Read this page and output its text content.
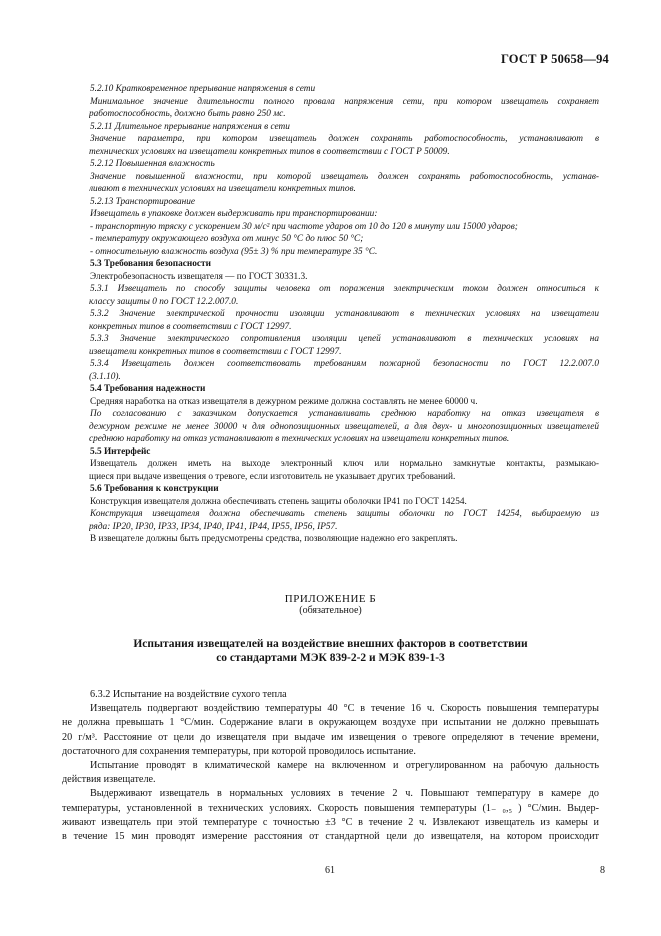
ГОСТ Р 50658—94
5.2.10 Кратковременное прерывание напряжения в сети
Минимальное значение длительности полного провала напряжения сети, при котором извещатель сохраняет
работоспособность, должно быть равно 250 мс.
5.2.11 Длительное прерывание напряжения в сети
Значение параметра, при котором извещатель должен сохранять работоспособность, устанавливают в
технических условиях на извещатели конкретных типов в соответствии с ГОСТ Р 50009.
5.2.12 Повышенная влажность
Значение повышенной влажности, при которой извещатель должен сохранять работоспособность, устанав-
ливают в технических условиях на извещатели конкретных типов.
5.2.13 Транспортирование
Извещатель в упаковке должен выдерживать при транспортировании:
- транспортную тряску с ускорением 30 м/с² при частоте ударов от 10 до 120 в минуту или 15000 ударов;
- температуру окружающего воздуха от минус 50 °С до плюс 50 °С;
- относительную влажность воздуха (95± 3) % при температуре 35 °С.
5.3 Требования безопасности
Электробезопасность извещателя — по ГОСТ 30331.3.
5.3.1 Извещатель по способу защиты человека от поражения электрическим током должен относиться к
классу защиты 0 по ГОСТ 12.2.007.0.
5.3.2 Значение электрической прочности изоляции устанавливают в технических условиях на извещатели
конкретных типов в соответствии с ГОСТ 12997.
5.3.3 Значение электрического сопротивления изоляции цепей устанавливают в технических условиях на
извещатели конкретных типов в соответствии с ГОСТ 12997.
5.3.4 Извещатель должен соответствовать требованиям пожарной безопасности по ГОСТ 12.2.007.0
(3.1.10).
5.4 Требования надежности
Средняя наработка на отказ извещателя в дежурном режиме должна составлять не менее 60000 ч.
По согласованию с заказчиком допускается устанавливать среднюю наработку на отказ извещателя в
дежурном режиме не менее 30000 ч для однопозиционных извещателей, а для двух- и многопозиционных извещателей
среднюю наработку на отказ устанавливают в технических условиях на извещатели конкретных типов.
5.5 Интерфейс
Извещатель должен иметь на выходе электронный ключ или нормально замкнутые контакты, размыкаю-
щиеся при выдаче извещения о тревоге, если изготовитель не указывает других требований.
5.6 Требования к конструкции
Конструкция извещателя должна обеспечивать степень защиты оболочки IP41 по ГОСТ 14254.
Конструкция извещателя должна обеспечивать степень защиты оболочки по ГОСТ 14254, выбираемую из
ряда: IP20, IP30, IP33, IP34, IP40, IP41, IP44, IP55, IP56, IP57.
В извещателе должны быть предусмотрены средства, позволяющие надежно его закреплять.
ПРИЛОЖЕНИЕ Б
(обязательное)
Испытания извещателей на воздействие внешних факторов в соответствии
со стандартами МЭК 839-2-2 и МЭК 839-1-3
6.3.2 Испытание на воздействие сухого тепла
Извещатель подвергают воздействию температуры 40 °С в течение 16 ч. Скорость повышения температуры
не должна превышать 1 °С/мин. Содержание влаги в окружающем воздухе при испытании не должно превышать
20 г/м³. Расстояние от цели до извещателя при выдаче им извещения о тревоге определяют в течение времени,
достаточного для сохранения температуры, при которой проводилось испытание.
Испытание проводят в климатической камере на включенном и отрегулированном на рабочую дальность
действия извещателе.
Выдерживают извещатель в нормальных условиях в течение 2 ч. Повышают температуру в камере до
температуры, установленной в технических условиях. Скорость повышения температуры (1₋ ₀,₅ ) °С/мин. Выдер-
живают извещатель при этой температуре с точностью ±3 °С в течение 2 ч. Извлекают извещатель из камеры и
в течение 15 мин проводят измерение расстояния от стандартной цели до извещателя, на котором происходит
61	8
